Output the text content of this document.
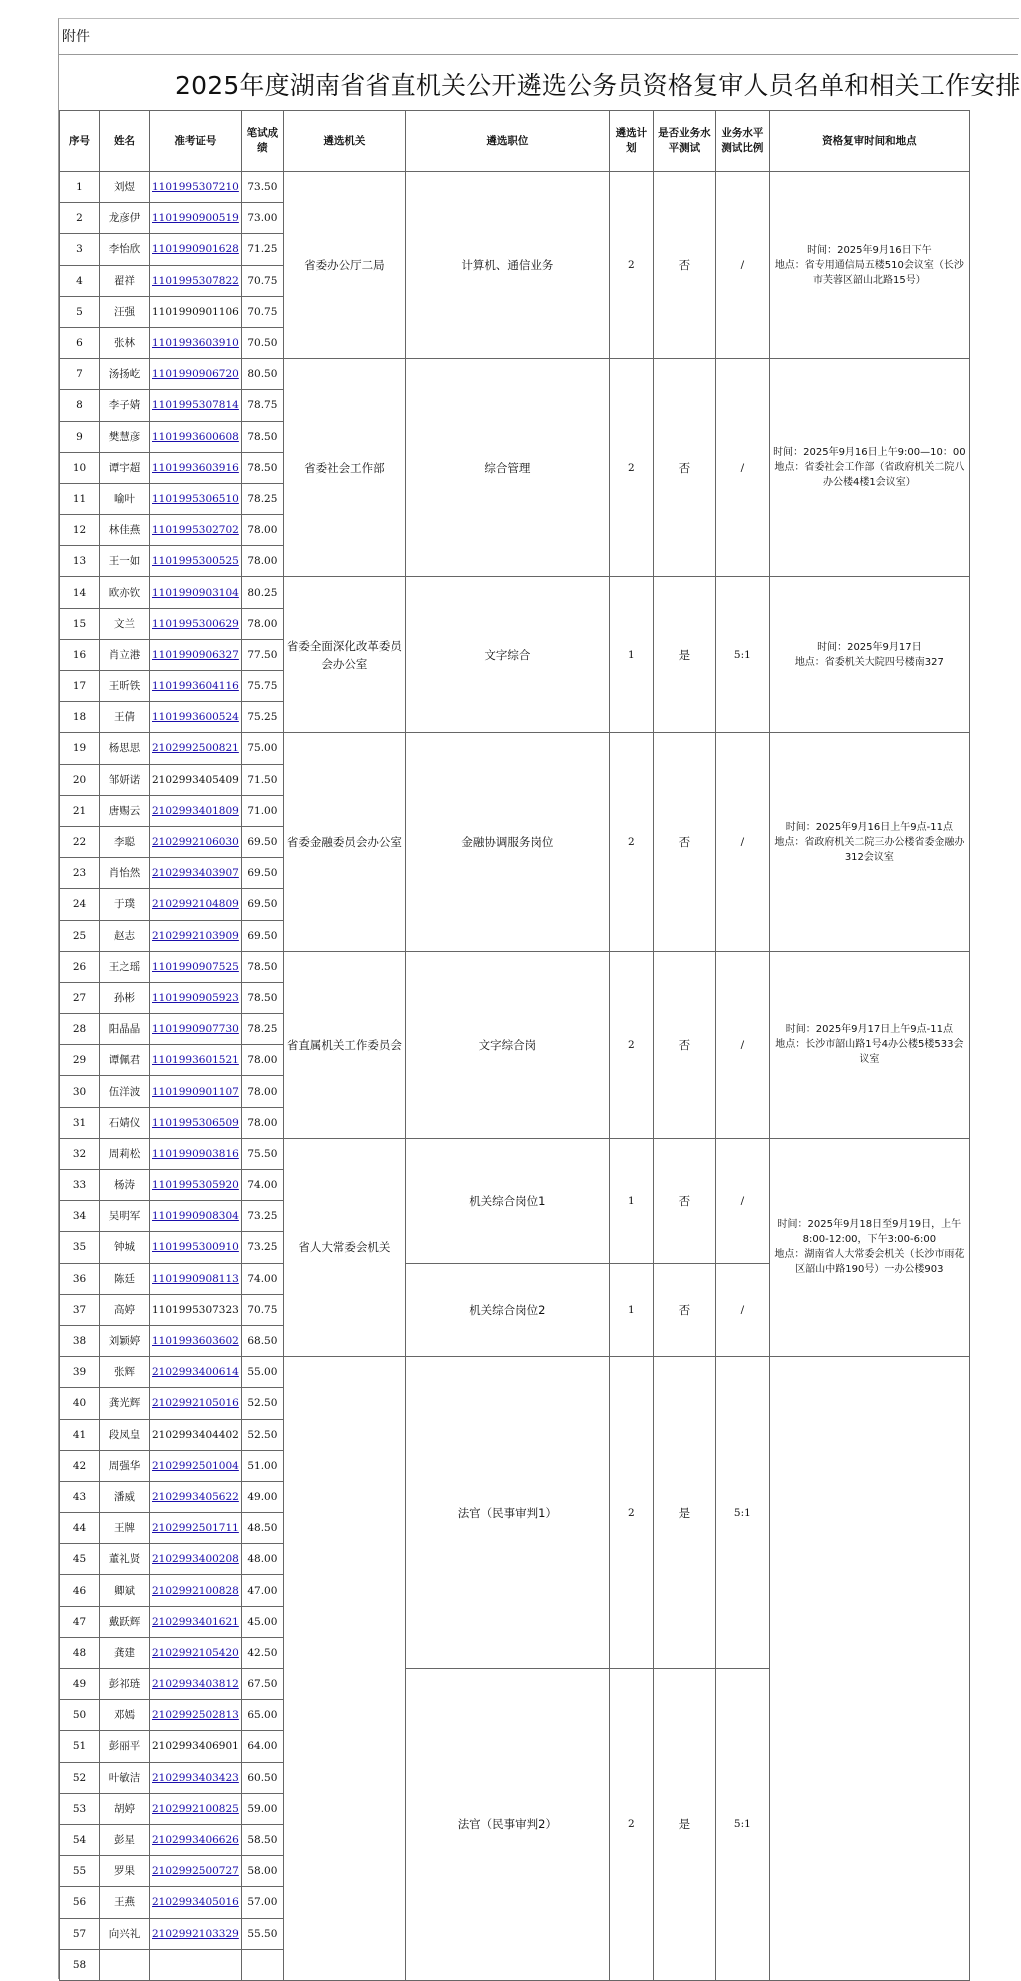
附件
2025年度湖南省省直机关公开遴选公务员资格复审人员名单和相关工作安排
序号	姓名	准考证号	笔试成绩	遴选机关	遴选职位	遴选计划	是否业务水平测试	业务水平测试比例	资格复审时间和地点
1	刘煜	1101995307210	73.50	省委办公厅二局	计算机、通信业务	2	否	/	时间：2025年9月16日下午
地点：省专用通信局五楼510会议室（长沙市芙蓉区韶山北路15号）
2	龙彦伊	1101990900519	73.00						
3	李怡欣	1101990901628	71.25						
4	翟祥	1101995307822	70.75						
5	汪强	1101990901106	70.75						
6	张林	1101993603910	70.50						
7	汤扬屹	1101990906720	80.50	省委社会工作部	综合管理	2	否	/	时间：2025年9月16日上午9:00—10：00
地点：省委社会工作部（省政府机关二院八办公楼4楼1会议室）
8	李子婧	1101995307814	78.75						
9	樊慧彦	1101993600608	78.50						
10	谭宇超	1101993603916	78.50						
11	喻叶	1101995306510	78.25						
12	林佳燕	1101995302702	78.00						
13	王一如	1101995300525	78.00						
14	欧亦钦	1101990903104	80.25	省委全面深化改革委员会办公室	文字综合	1	是	5:1	时间：2025年9月17日
地点：省委机关大院四号楼南327
15	文兰	1101995300629	78.00						
16	肖立港	1101990906327	77.50						
17	王昕铁	1101993604116	75.75						
18	王倩	1101993600524	75.25						
19	杨思思	2102992500821	75.00	省委金融委员会办公室	金融协调服务岗位	2	否	/	时间：2025年9月16日上午9点-11点
地点：省政府机关二院三办公楼省委金融办312会议室
20	邹妍诺	2102993405409	71.50						
21	唐赐云	2102993401809	71.00						
22	李聪	2102992106030	69.50						
23	肖怡然	2102993403907	69.50						
24	于璞	2102992104809	69.50						
25	赵志	2102992103909	69.50						
26	王之瑶	1101990907525	78.50	省直属机关工作委员会	文字综合岗	2	否	/	时间：2025年9月17日上午9点-11点
地点：长沙市韶山路1号4办公楼5楼533会议室
27	孙彬	1101990905923	78.50						
28	阳晶晶	1101990907730	78.25						
29	谭佩君	1101993601521	78.00						
30	伍洋波	1101990901107	78.00						
31	石婧仪	1101995306509	78.00						
32	周莉松	1101990903816	75.50	省人大常委会机关	机关综合岗位1	1	否	/	时间：2025年9月18日至9月19日，上午8:00-12:00，下午3:00-6:00
地点：湖南省人大常委会机关（长沙市雨花区韶山中路190号）一办公楼903
33	杨涛	1101995305920	74.00						
34	吴明军	1101990908304	73.25						
35	钟城	1101995300910	73.25						
36	陈廷	1101990908113	74.00		机关综合岗位2	1	否	/	
37	高婷	1101995307323	70.75						
38	刘颖婷	1101993603602	68.50						
39	张辉	2102993400614	55.00		法官（民事审判1）	2	是	5:1	
40	龚光辉	2102992105016	52.50						
41	段凤皇	2102993404402	52.50						
42	周强华	2102992501004	51.00						
43	潘威	2102993405622	49.00						
44	王牌	2102992501711	48.50						
45	董礼贤	2102993400208	48.00						
46	卿斌	2102992100828	47.00						
47	戴跃辉	2102993401621	45.00						
48	龚建	2102992105420	42.50						
49	彭祁琏	2102993403812	67.50		法官（民事审判2）	2	是	5:1	
50	邓嫣	2102992502813	65.00						
51	彭丽平	2102993406901	64.00						
52	叶敏洁	2102993403423	60.50						
53	胡婷	2102992100825	59.00						
54	彭星	2102993406626	58.50						
55	罗果	2102992500727	58.00						
56	王燕	2102993405016	57.00						
57	向兴礼	2102992103329	55.50						
58									
